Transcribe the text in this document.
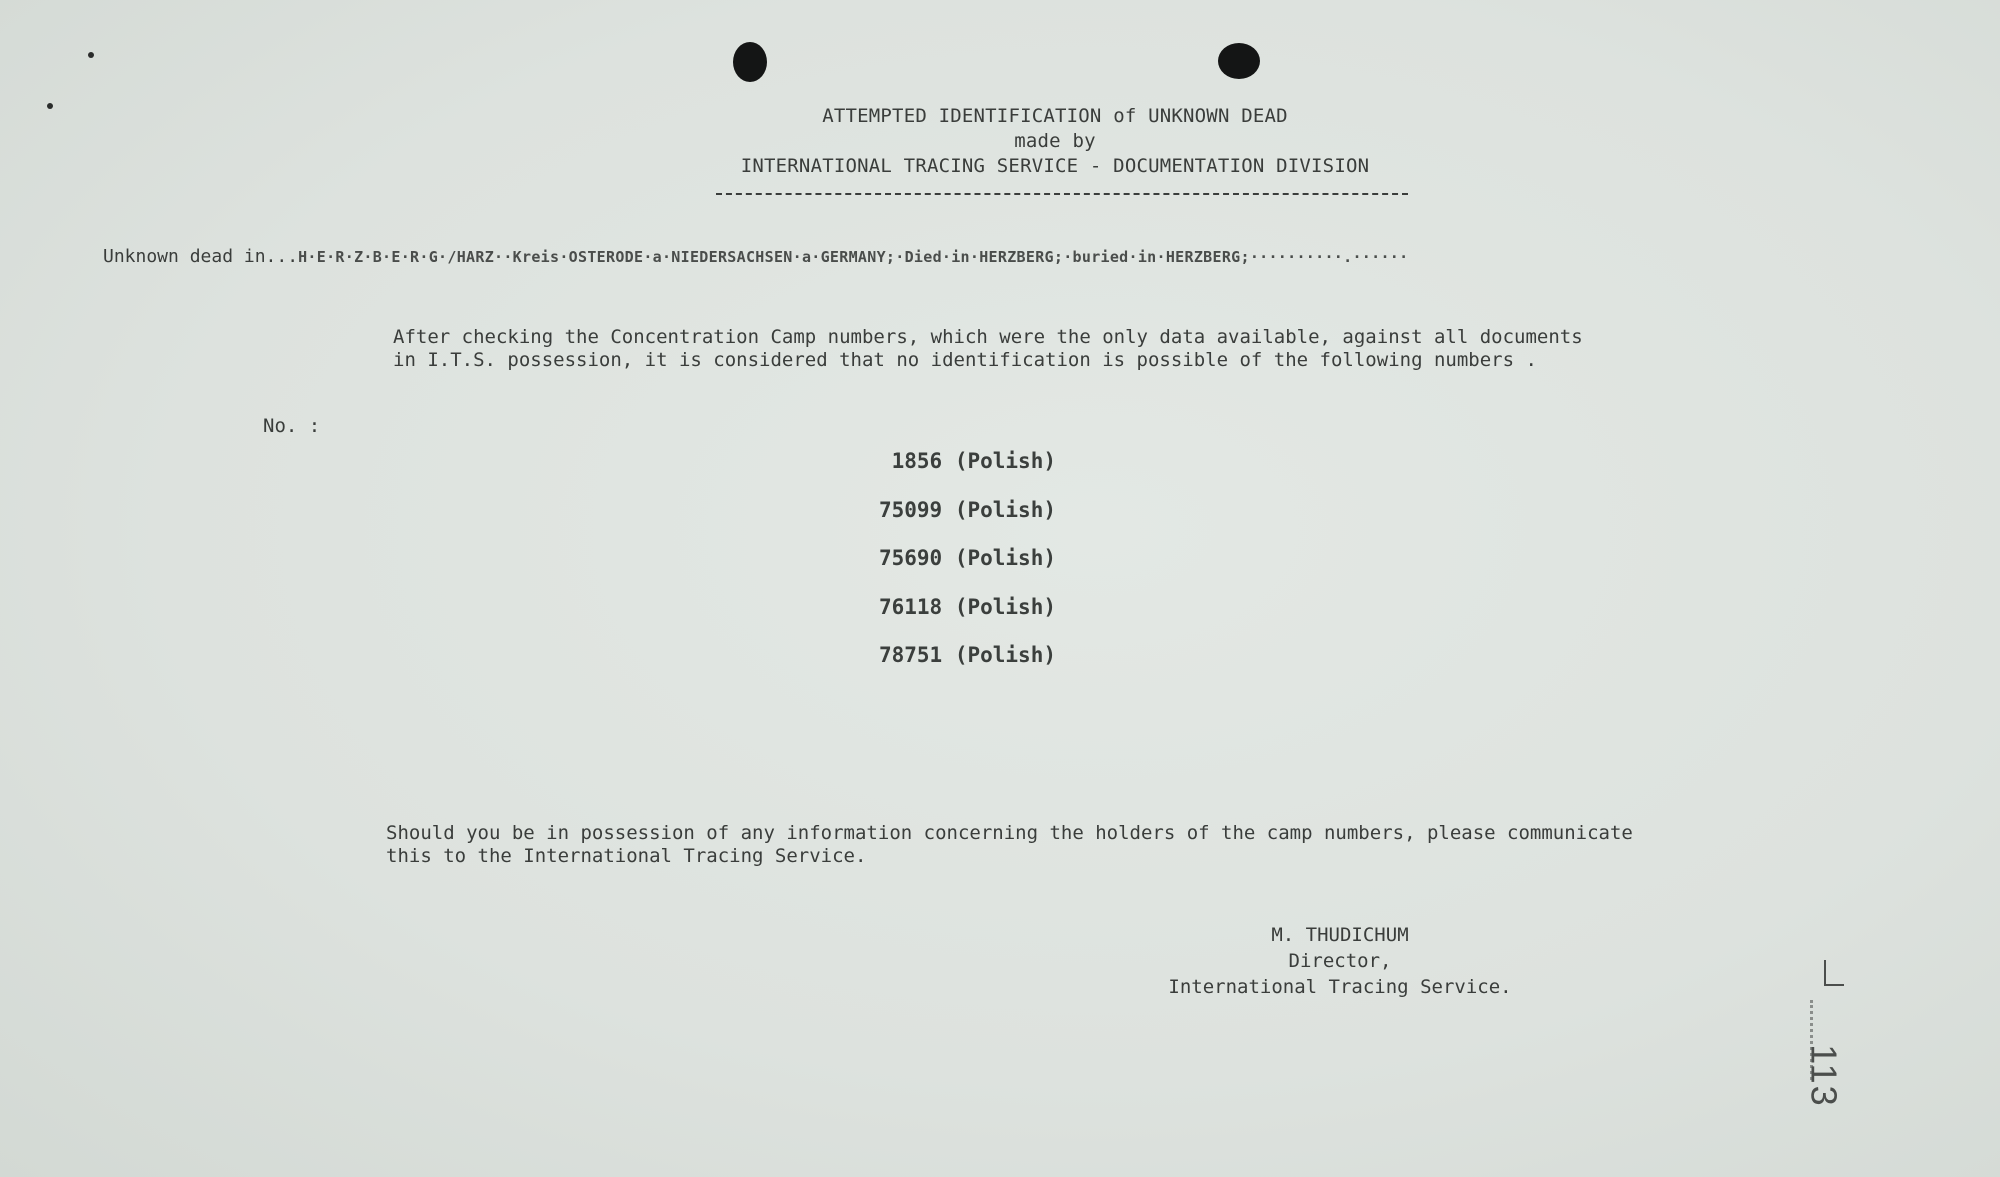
ATTEMPTED IDENTIFICATION of UNKNOWN DEAD
made by
INTERNATIONAL TRACING SERVICE - DOCUMENTATION DIVISION
Unknown dead in...H·E·R·Z·B·E·R·G·/HARZ··Kreis·OSTERODE·a·NIEDERSACHSEN·a·GERMANY;·Died·in·HERZBERG;·buried·in·HERZBERG;··········.······
After checking the Concentration Camp numbers, which were the only data available, against all documents in I.T.S. possession, it is considered that no identification is possible of the following numbers .
No. :
1856 (Polish)
75099 (Polish)
75690 (Polish)
76118 (Polish)
78751 (Polish)
Should you be in possession of any information concerning the holders of the camp numbers, please communicate this to the International Tracing Service.
M. THUDICHUM
Director,
International Tracing Service.
113
